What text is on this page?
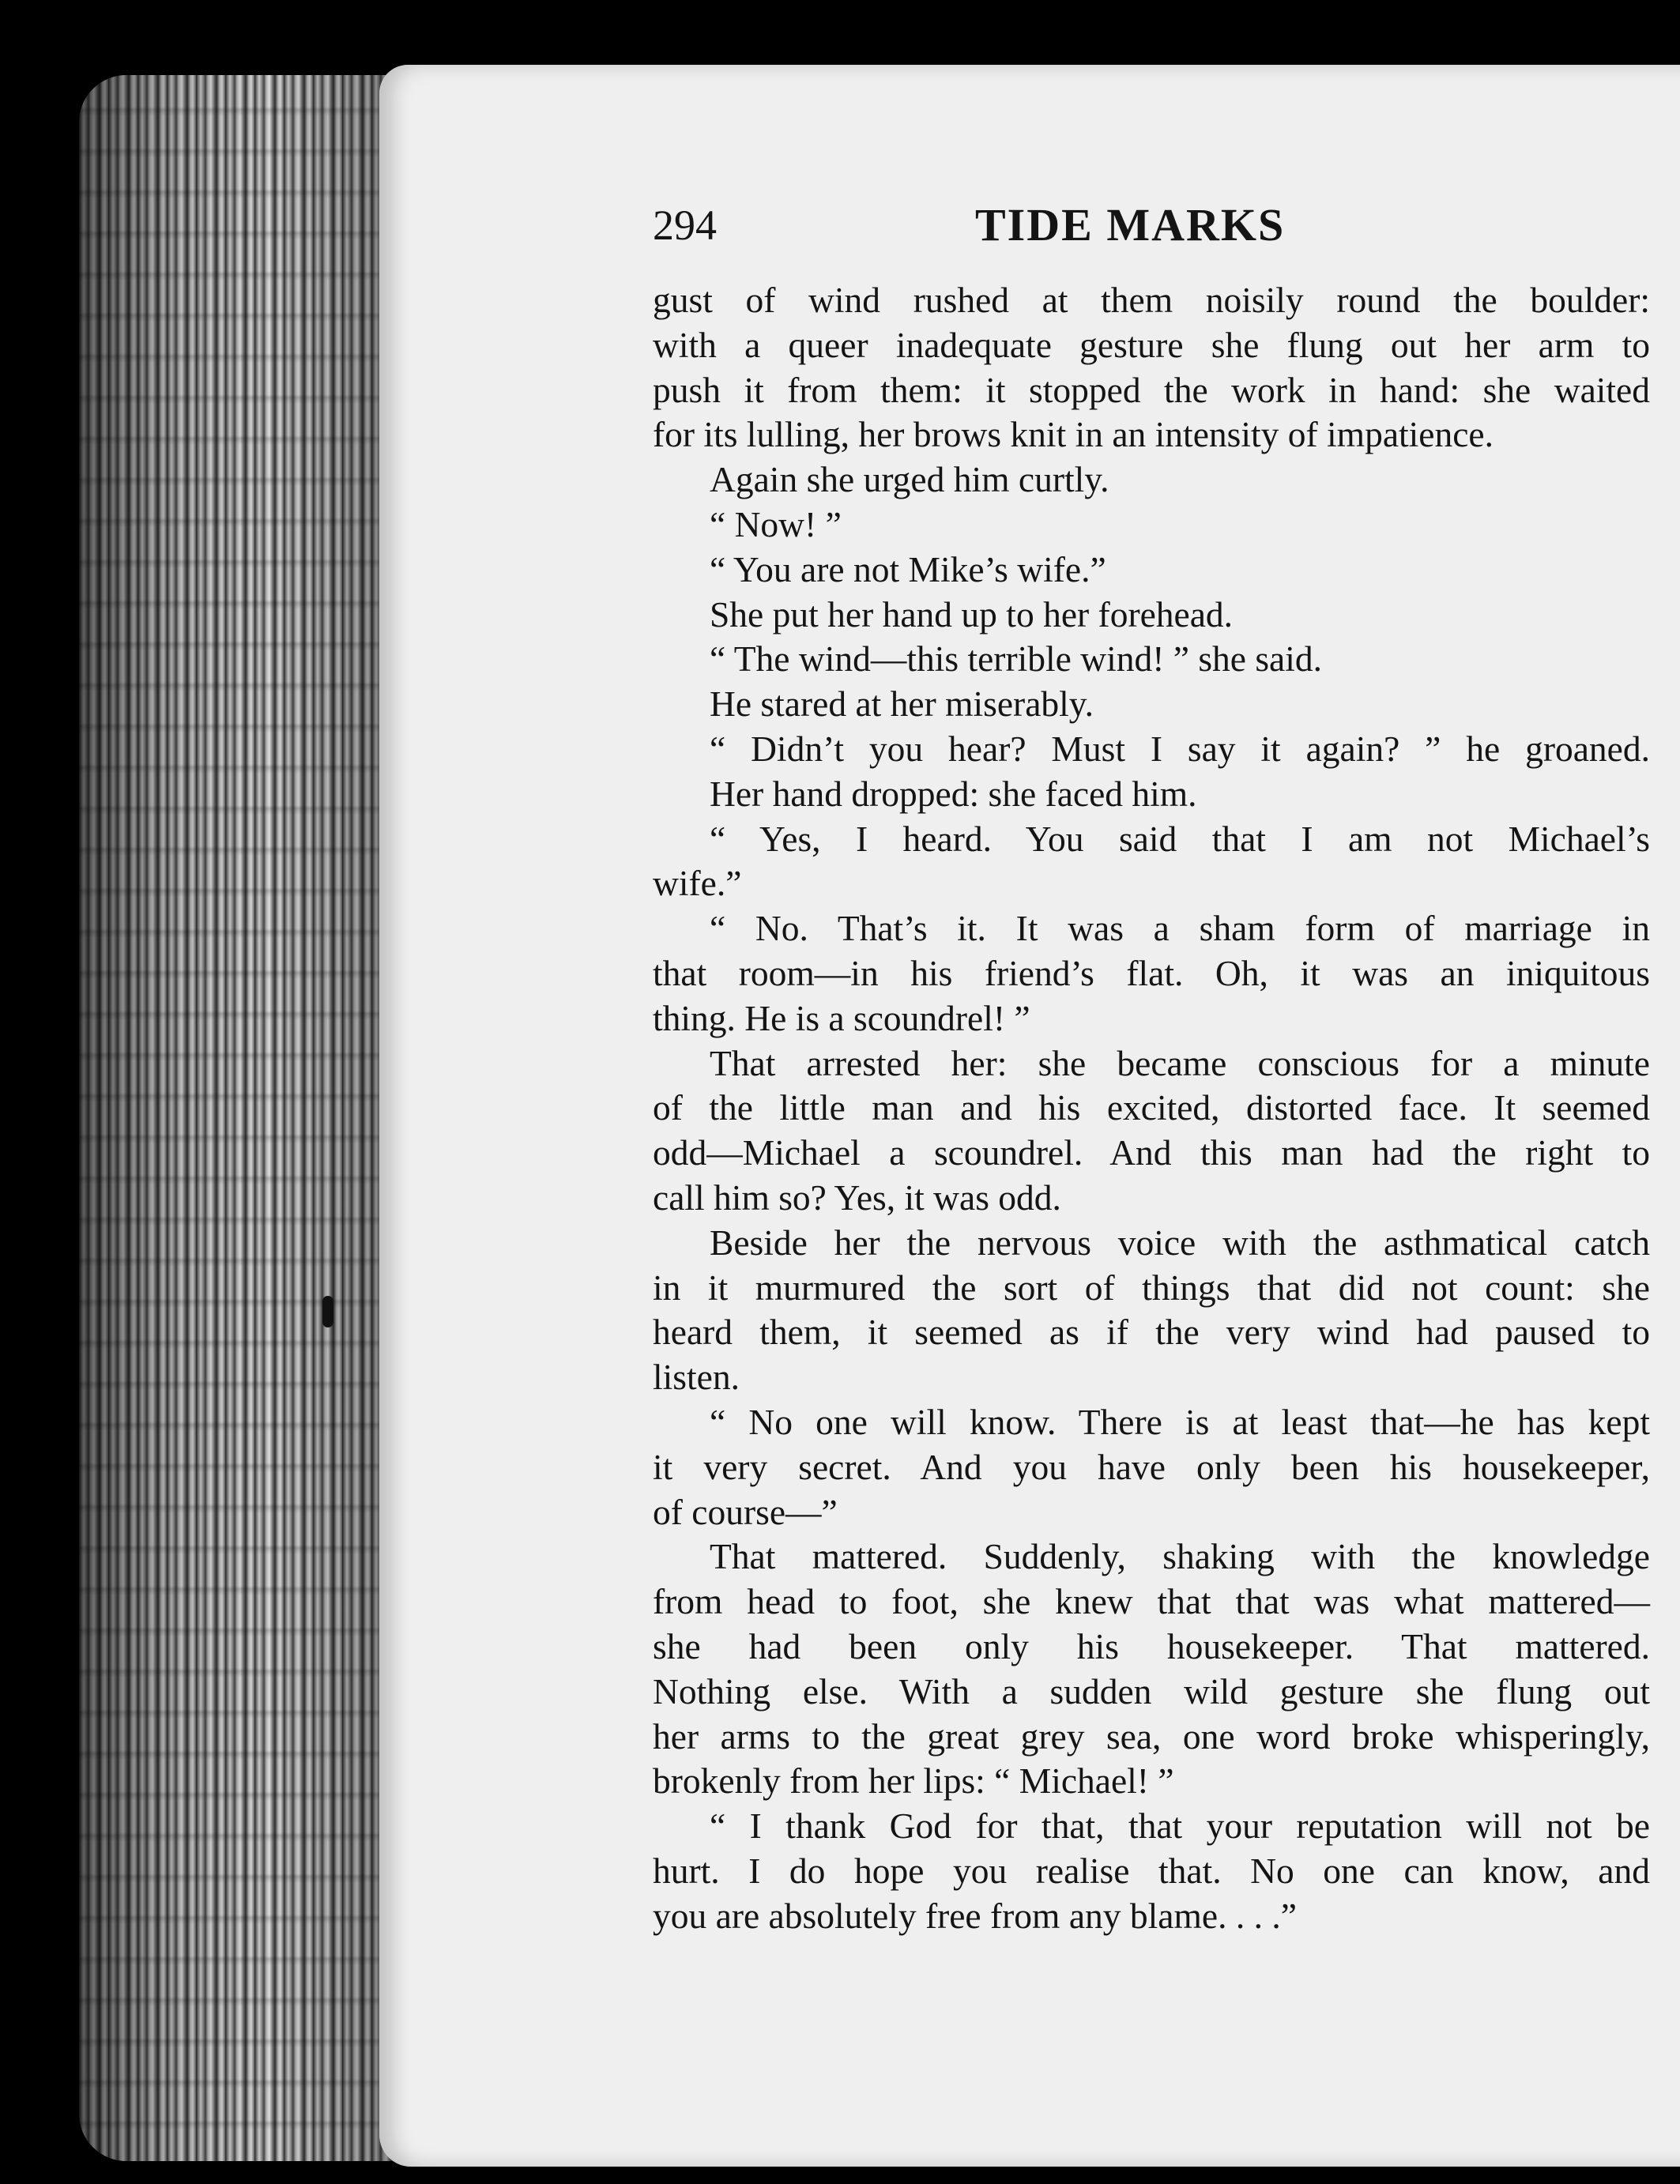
294	TIDE MARKS
gust of wind rushed at them noisily round the boulder:
with a queer inadequate gesture she flung out her arm to
push it from them: it stopped the work in hand: she waited
for its lulling, her brows knit in an intensity of impatience.
Again she urged him curtly.
“ Now! ”
“ You are not Mike’s wife.”
She put her hand up to her forehead.
“ The wind—this terrible wind! ” she said.
He stared at her miserably.
“ Didn’t you hear? Must I say it again? ” he groaned.
Her hand dropped: she faced him.
“ Yes, I heard. You said that I am not Michael’s
wife.”
“ No. That’s it. It was a sham form of marriage in
that room—in his friend’s flat. Oh, it was an iniquitous
thing. He is a scoundrel! ”
That arrested her: she became conscious for a minute
of the little man and his excited, distorted face. It seemed
odd—Michael a scoundrel. And this man had the right to
call him so? Yes, it was odd.
Beside her the nervous voice with the asthmatical catch
in it murmured the sort of things that did not count: she
heard them, it seemed as if the very wind had paused to
listen.
“ No one will know. There is at least that—he has kept
it very secret. And you have only been his housekeeper,
of course—”
That mattered. Suddenly, shaking with the knowledge
from head to foot, she knew that that was what mattered—
she had been only his housekeeper. That mattered.
Nothing else. With a sudden wild gesture she flung out
her arms to the great grey sea, one word broke whisperingly,
brokenly from her lips: “ Michael! ”
“ I thank God for that, that your reputation will not be
hurt. I do hope you realise that. No one can know, and
you are absolutely free from any blame. . . .”
